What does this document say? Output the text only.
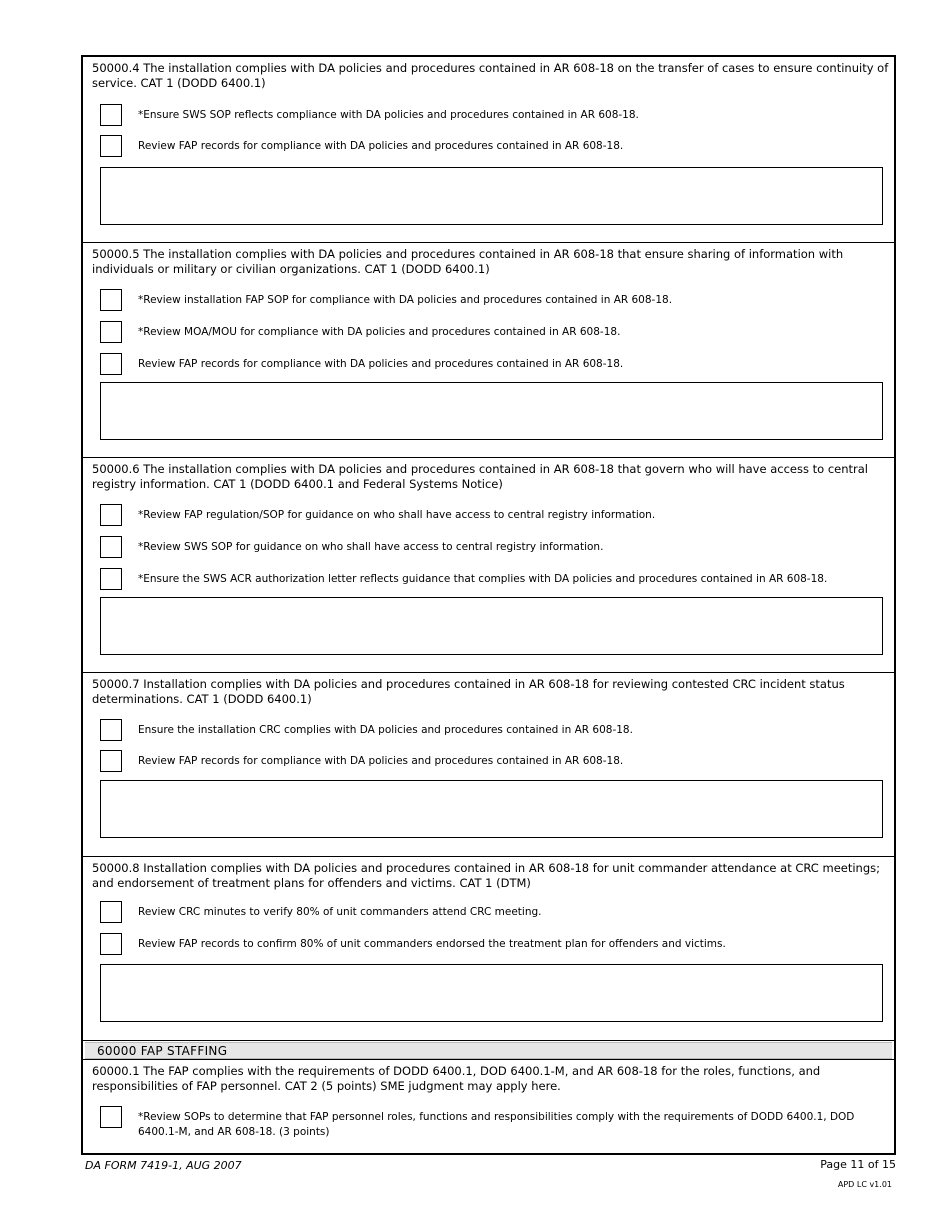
50000.4 The installation complies with DA policies and procedures contained in AR 608-18 on the transfer of cases to ensure continuity of service. CAT 1 (DODD 6400.1)
*Ensure SWS SOP reflects compliance with DA policies and procedures contained in AR 608-18.
Review FAP records for compliance with DA policies and procedures contained in AR 608-18.
50000.5 The installation complies with DA policies and procedures contained in AR 608-18 that ensure sharing of information with individuals or military or civilian organizations. CAT 1 (DODD 6400.1)
*Review installation FAP SOP for compliance with DA policies and procedures contained in AR 608-18.
*Review MOA/MOU for compliance with DA policies and procedures contained in AR 608-18.
Review FAP records for compliance with DA policies and procedures contained in AR 608-18.
50000.6 The installation complies with DA policies and procedures contained in AR 608-18 that govern who will have access to central registry information. CAT 1 (DODD 6400.1 and Federal Systems Notice)
*Review FAP regulation/SOP for guidance on who shall have access to central registry information.
*Review SWS SOP for guidance on who shall have access to central registry information.
*Ensure the SWS ACR authorization letter reflects guidance that complies with DA policies and procedures contained in AR 608-18.
50000.7 Installation complies with DA policies and procedures contained in AR 608-18 for reviewing contested CRC incident status determinations. CAT 1 (DODD 6400.1)
Ensure the installation CRC complies with DA policies and procedures contained in AR 608-18.
Review FAP records for compliance with DA policies and procedures contained in AR 608-18.
50000.8 Installation complies with DA policies and procedures contained in AR 608-18 for unit commander attendance at CRC meetings; and endorsement of treatment plans for offenders and victims. CAT 1 (DTM)
Review CRC minutes to verify 80% of unit commanders attend CRC meeting.
Review FAP records to confirm 80% of unit commanders endorsed the treatment plan for offenders and victims.
60000 FAP STAFFING
60000.1 The FAP complies with the requirements of DODD 6400.1, DOD 6400.1-M, and AR 608-18 for the roles, functions, and responsibilities of FAP personnel. CAT 2 (5 points) SME judgment may apply here.
*Review SOPs to determine that FAP personnel roles, functions and responsibilities comply with the requirements of DODD 6400.1, DOD 6400.1-M, and AR 608-18. (3 points)
DA FORM 7419-1, AUG 2007	Page 11 of 15
APD LC v1.01
